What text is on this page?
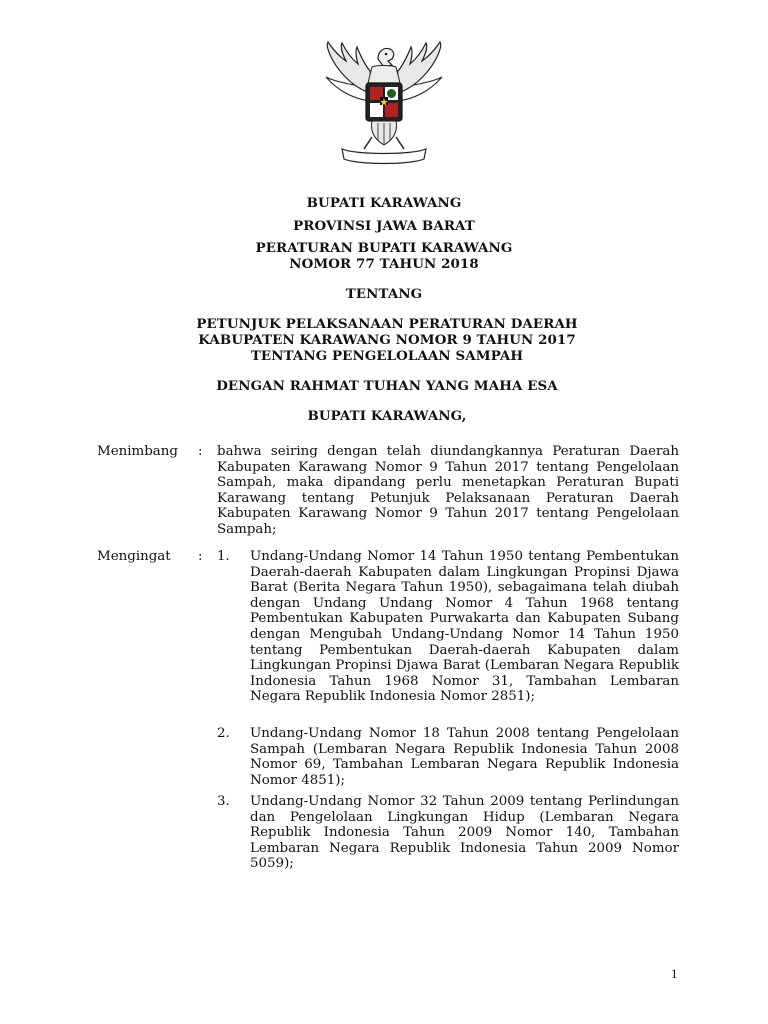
BUPATI KARAWANG
PROVINSI JAWA BARAT
PERATURAN BUPATI KARAWANG
NOMOR 77 TAHUN 2018
TENTANG
PETUNJUK PELAKSANAAN PERATURAN DAERAH
KABUPATEN KARAWANG NOMOR 9 TAHUN 2017
TENTANG PENGELOLAAN SAMPAH
DENGAN RAHMAT TUHAN YANG MAHA ESA
BUPATI KARAWANG,
Menimbang : bahwa seiring dengan telah diundangkannya Peraturan Daerah Kabupaten Karawang Nomor 9 Tahun 2017 tentang Pengelolaan Sampah, maka dipandang perlu menetapkan Peraturan Bupati Karawang tentang Petunjuk Pelaksanaan Peraturan Daerah Kabupaten Karawang Nomor 9 Tahun 2017 tentang Pengelolaan Sampah;
Mengingat : 1. Undang-Undang Nomor 14 Tahun 1950 tentang Pembentukan Daerah-daerah Kabupaten dalam Lingkungan Propinsi Djawa Barat (Berita Negara Tahun 1950), sebagaimana telah diubah dengan Undang Undang Nomor 4 Tahun 1968 tentang Pembentukan Kabupaten Purwakarta dan Kabupaten Subang dengan Mengubah Undang-Undang Nomor 14 Tahun 1950 tentang Pembentukan Daerah-daerah Kabupaten dalam Lingkungan Propinsi Djawa Barat (Lembaran Negara Republik Indonesia Tahun 1968 Nomor 31, Tambahan Lembaran Negara Republik Indonesia Nomor 2851);
2. Undang-Undang Nomor 18 Tahun 2008 tentang Pengelolaan Sampah (Lembaran Negara Republik Indonesia Tahun 2008 Nomor 69, Tambahan Lembaran Negara Republik Indonesia Nomor 4851);
3. Undang-Undang Nomor 32 Tahun 2009 tentang Perlindungan dan Pengelolaan Lingkungan Hidup (Lembaran Negara Republik Indonesia Tahun 2009 Nomor 140, Tambahan Lembaran Negara Republik Indonesia Tahun 2009 Nomor 5059);
1
